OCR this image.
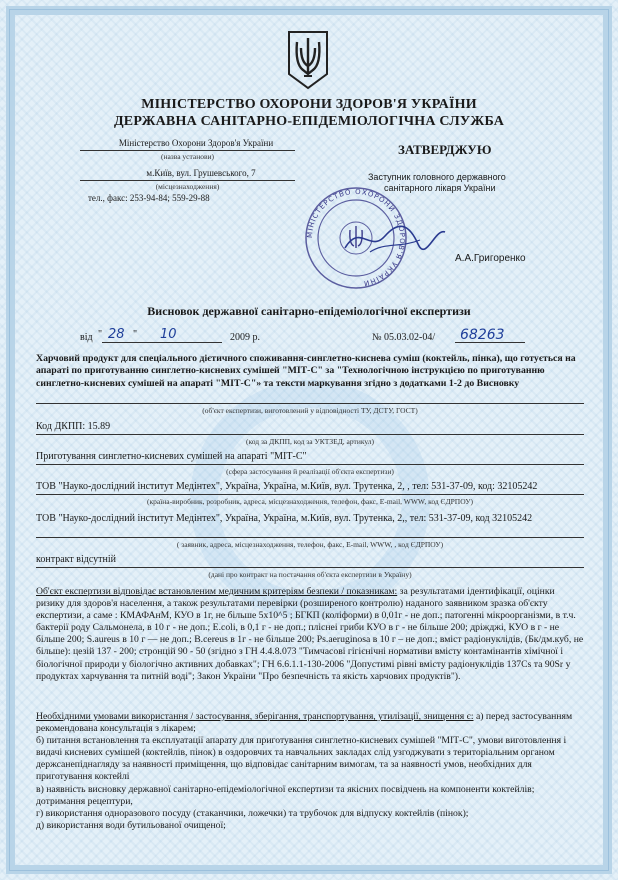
МІНІСТЕРСТВО ОХОРОНИ ЗДОРОВ'Я УКРАЇНИ
ДЕРЖАВНА САНІТАРНО-ЕПІДЕМІОЛОГІЧНА СЛУЖБА
Міністерство Охорони Здоров'я України
(назва установи)
м.Київ, вул. Грушевського, 7
(місцезнаходження)
тел., факс: 253-94-84; 559-29-88
ЗАТВЕРДЖУЮ
Заступник головного державного
санітарного лікаря України
А.А.Григоренко
МІНІСТЕРСТВО ОХОРОНИ ЗДОРОВ'Я УКРАЇНИ
Висновок державної санітарно-епідеміологічної експертизи
від " 28 " 10	2009 р.	№ 05.03.02-04/ 68263
Харчовий продукт для спеціального дієтичного споживання-синглетно-киснева суміш (коктейль, пінка), що готується на апараті по приготуванню синглетно-кисневих сумішей "МІТ-С" за "Технологічною інструкцією по приготуванню синглетно-кисневих сумішей на апараті "МІТ-С"» та тексти маркування згідно з додатками 1-2 до Висновку
(об'єкт експертизи, виготовлений у відповідності ТУ, ДСТУ, ГОСТ)
Код ДКПП: 15.89
(код за ДКПП, код за УКТЗЕД, артикул)
Приготування синглетно-кисневих сумішей на апараті "МІТ-С"
(сфера застосування й реалізації об'єкта експертизи)
ТОВ "Науко-дослідний інститут Медінтех", Україна, Україна, м.Київ, вул. Трутенка, 2, , тел: 531-37-09, код: 32105242
(країна-виробник, розробник, адреса, місцезнаходження, телефон, факс, E-mail, WWW, код ЄДРПОУ)
ТОВ "Науко-дослідний інститут Медінтех", Україна, Україна, м.Київ, вул. Трутенка, 2,, тел: 531-37-09, код 32105242
( заявник, адреса, місцезнаходження, телефон, факс, E-mail, WWW, , код ЄДРПОУ)
контракт відсутній
(дані про контракт на постачання об'єкта експертизи в Україну)
Об'єкт експертизи відповідає встановленим медичним критеріям безпеки / показникам: за результатами ідентифікації, оцінки ризику для здоров'я населення, а також результатами перевірки (розширеного контролю) наданого заявником зразка об'єкту експертизи, а саме : КМАФАнМ, КУО в 1г, не більше 5х10^5 ; БГКП (коліформи) в 0,01г - не доп.; патогенні мікроорганізми, в т.ч. бактерії роду Сальмонела, в 10 г - не доп.; E.coli, в 0,1 г - не доп.; пліснеі гриби КУО в г - не більше 200; дріжджі, КУО в г - не більше 200; S.aureus в 10 г — не доп.; B.cereus в 1г - не більше 200; Ps.aeruginosa в 10 г – не доп.; вміст радіонуклідів, (Бк/дм.куб, не більше): цезій 137 - 200; стронцій 90 - 50 (згідно з ГН 4.4.8.073 "Тимчасові гігієнічні нормативи вмісту контамінантів хімічної і біологічної природи у біологічно активних добавках"; ГН 6.6.1.1-130-2006 "Допустимі рівні вмісту радіонуклідів 137Cs та 90Sr у продуктах харчування та питній воді"; Закон України "Про безпечність та якість харчових продуктів").
Необхідними умовами використання / застосування, зберігання, транспортування, утилізації, знищення є: а) перед застосуванням рекомендована консультація з лікарем;
б) питання встановлення та експлуатації апарату для приготування синглетно-кисневих сумішей "МІТ-С", умови виготовлення і видачі кисневих сумішей (коктейлів, пінок) в оздоровчих та навчальних закладах слід узгоджувати з територіальним органом держсанепіднагляду за наявності приміщення, що відповідає санітарним вимогам, та за наявності умов, необхідних для приготування коктейлі
в) наявність висновку державної санітарно-епідеміологічної експертизи та якісних посвідчень на компоненти коктейлів; дотримання рецептури,
г) використання одноразового посуду (стаканчики, ложечки) та трубочок для відпуску коктейлів (пінок);
д) використання води бутильованої очищеної;
